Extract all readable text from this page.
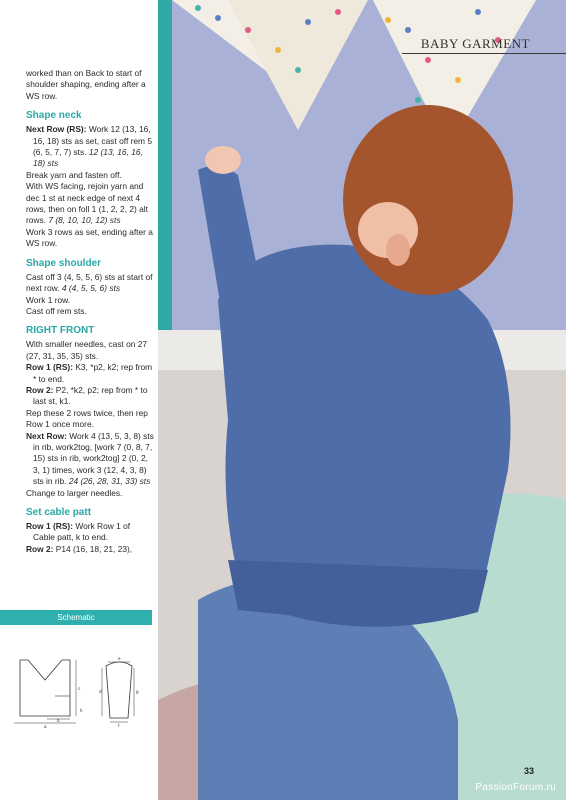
worked than on Back to start of shoulder shaping, ending after a WS row.

Shape neck

Next Row (RS): Work 12 (13, 16, 16, 18) sts as set, cast off rem 5 (6, 5, 7, 7) sts. 12 (13, 16, 16, 18) sts

Break yarn and fasten off.

With WS facing, rejoin yarn and dec 1 st at neck edge of next 4 rows, then on foll 1 (1, 2, 2, 2) alt rows. 7 (8, 10, 10, 12) sts

Work 3 rows as set, ending after a WS row.

Shape shoulder

Cast off 3 (4, 5, 5, 6) sts at start of next row. 4 (4, 5, 5, 6) sts

Work 1 row.

Cast off rem sts.

RIGHT FRONT

With smaller needles, cast on 27 (27, 31, 35, 35) sts.

Row 1 (RS): K3, *p2, k2; rep from * to end.

Row 2: P2, *k2, p2; rep from * to last st, k1.

Rep these 2 rows twice, then rep Row 1 once more.

Next Row: Work 4 (13, 5, 3, 8) sts in rib, work2tog, [work 7 (0, 8, 7, 15) sts in rib, work2tog] 2 (0, 2, 3, 1) times, work 3 (12, 4, 3, 8) sts in rib. 24 (26, 28, 31, 33) sts

Change to larger needles.

Set cable patt

Row 1 (RS): Work Row 1 of Cable patt, k to end.

Row 2: P14 (16, 18, 21, 23),

Schematic
a
b
c
d
e
f
g
h
BABY GARMENT
33
PassionForum.ru
